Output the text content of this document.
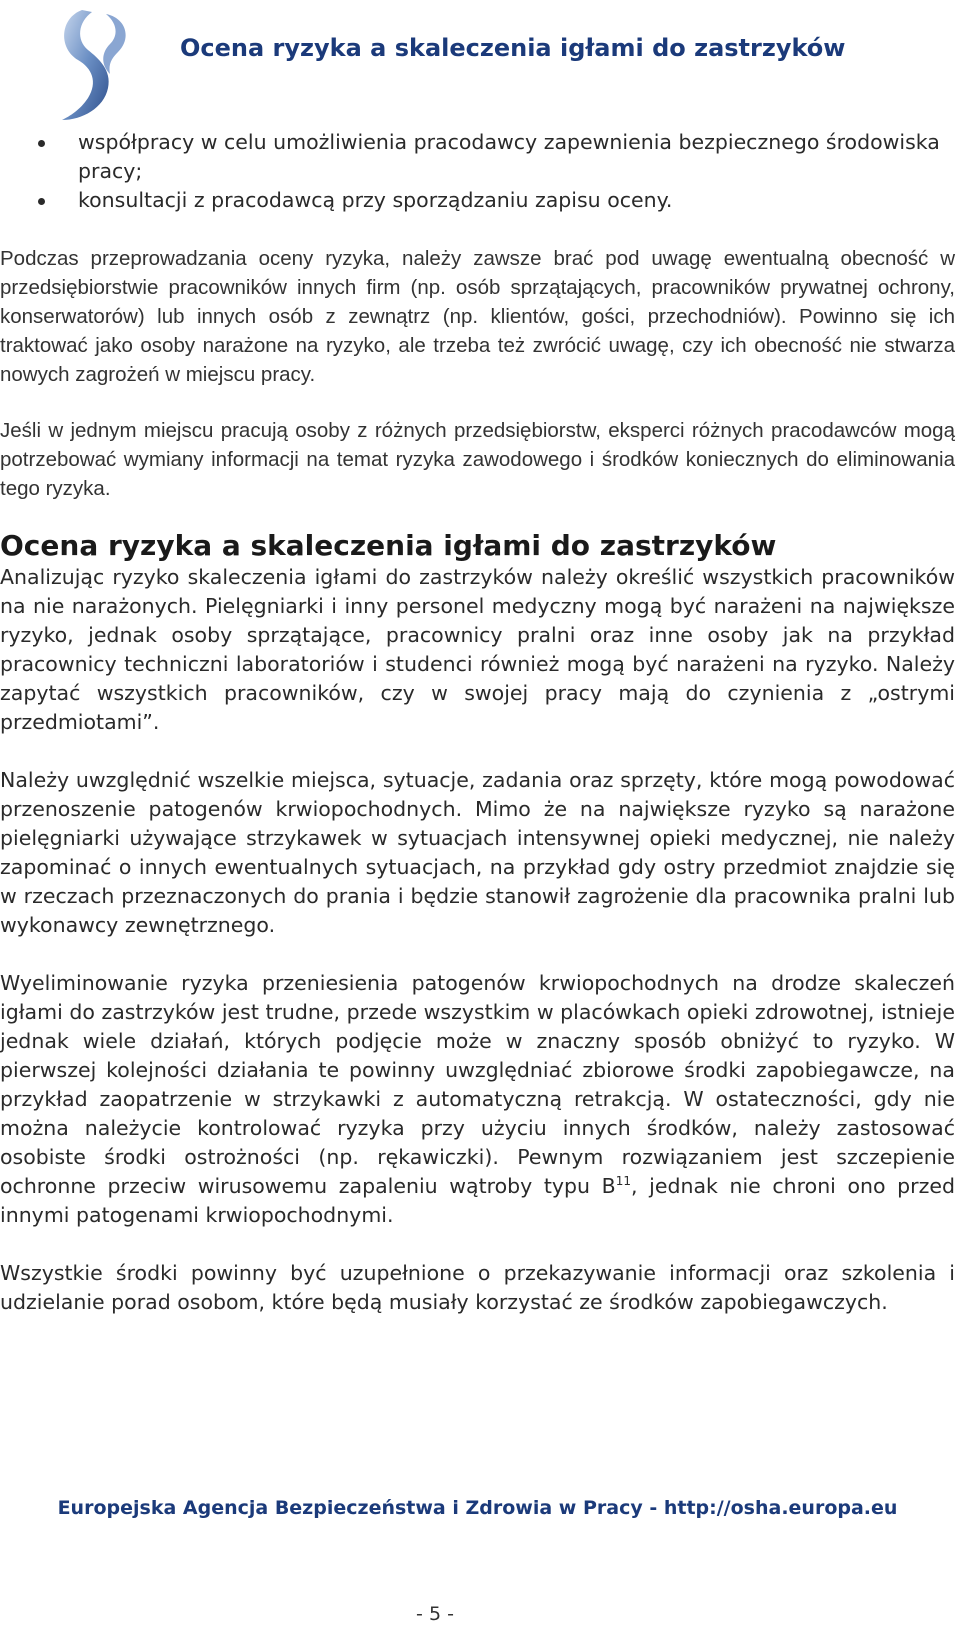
Ocena ryzyka a skaleczenia igłami do zastrzyków
współpracy w celu umożliwienia pracodawcy zapewnienia bezpiecznego środowiska pracy;
konsultacji z pracodawcą przy sporządzaniu zapisu oceny.

Podczas przeprowadzania oceny ryzyka, należy zawsze brać pod uwagę ewentualną obecność w przedsiębiorstwie pracowników innych firm (np. osób sprzątających, pracowników prywatnej ochrony, konserwatorów) lub innych osób z zewnątrz (np. klientów, gości, przechodniów). Powinno się ich traktować jako osoby narażone na ryzyko, ale trzeba też zwrócić uwagę, czy ich obecność nie stwarza nowych zagrożeń w miejscu pracy.

Jeśli w jednym miejscu pracują osoby z różnych przedsiębiorstw, eksperci różnych pracodawców mogą potrzebować wymiany informacji na temat ryzyka zawodowego i środków koniecznych do eliminowania tego ryzyka.

Ocena ryzyka a skaleczenia igłami do zastrzyków

Analizując ryzyko skaleczenia igłami do zastrzyków należy określić wszystkich pracowników na nie narażonych. Pielęgniarki i inny personel medyczny mogą być narażeni na największe ryzyko, jednak osoby sprzątające, pracownicy pralni oraz inne osoby jak na przykład pracownicy techniczni laboratoriów i studenci również mogą być narażeni na ryzyko. Należy zapytać wszystkich pracowników, czy w swojej pracy mają do czynienia z „ostrymi przedmiotami”.

Należy uwzględnić wszelkie miejsca, sytuacje, zadania oraz sprzęty, które mogą powodować przenoszenie patogenów krwiopochodnych. Mimo że na największe ryzyko są narażone pielęgniarki używające strzykawek w sytuacjach intensywnej opieki medycznej, nie należy zapominać o innych ewentualnych sytuacjach, na przykład gdy ostry przedmiot znajdzie się w rzeczach przeznaczonych do prania i będzie stanowił zagrożenie dla pracownika pralni lub wykonawcy zewnętrznego.

Wyeliminowanie ryzyka przeniesienia patogenów krwiopochodnych na drodze skaleczeń igłami do zastrzyków jest trudne, przede wszystkim w placówkach opieki zdrowotnej, istnieje jednak wiele działań, których podjęcie może w znaczny sposób obniżyć to ryzyko. W pierwszej kolejności działania te powinny uwzględniać zbiorowe środki zapobiegawcze, na przykład zaopatrzenie w strzykawki z automatyczną retrakcją. W ostateczności, gdy nie można należycie kontrolować ryzyka przy użyciu innych środków, należy zastosować osobiste środki ostrożności (np. rękawiczki). Pewnym rozwiązaniem jest szczepienie ochronne przeciw wirusowemu zapaleniu wątroby typu $B^{11}$, jednak nie chroni ono przed innymi patogenami krwiopochodnymi.

Wszystkie środki powinny być uzupełnione o przekazywanie informacji oraz szkolenia i udzielanie porad osobom, które będą musiały korzystać ze środków zapobiegawczych.

Europejska Agencja Bezpieczeństwa i Zdrowia w Pracy - http://osha.europa.eu
- 5 -
